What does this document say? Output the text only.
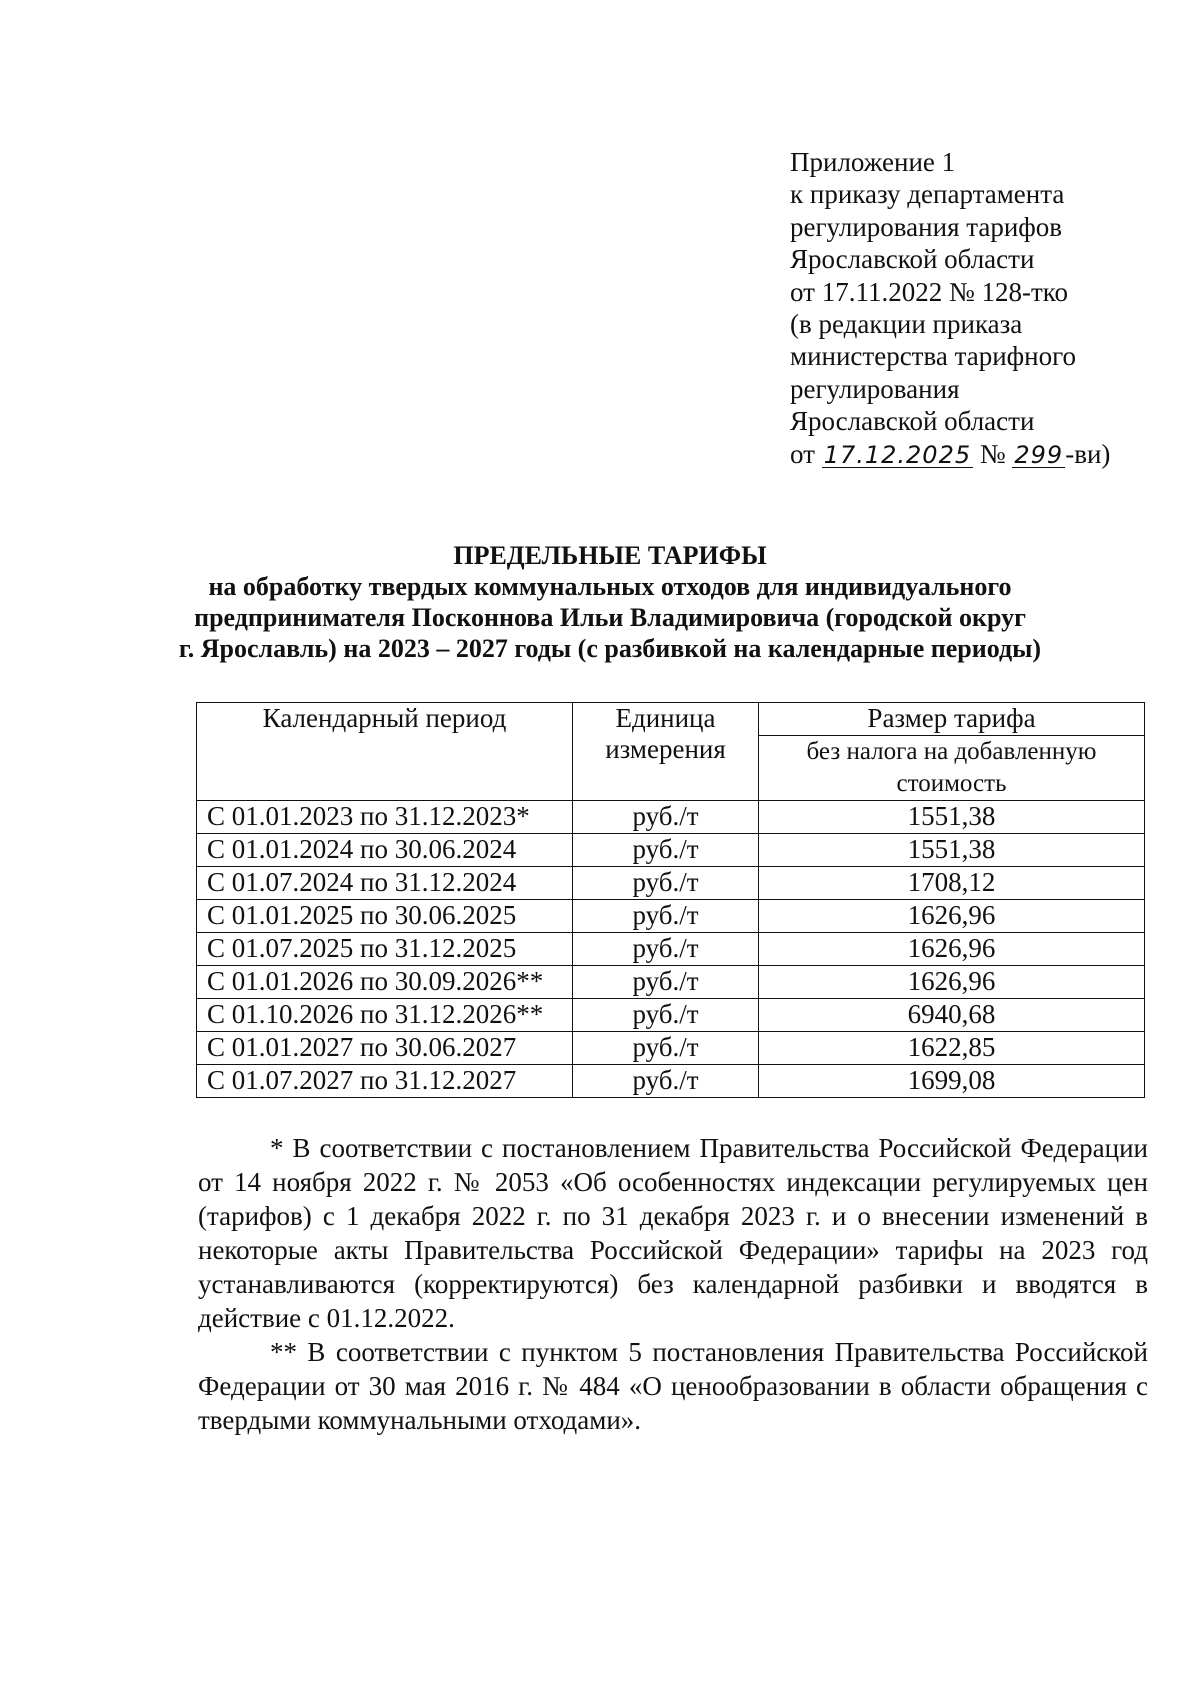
Приложение 1
к приказу департамента
регулирования тарифов
Ярославской области
от 17.11.2022 № 128-тко
(в редакции приказа
министерства тарифного
регулирования
Ярославской области
от 17.12.2025 № 299-ви)
ПРЕДЕЛЬНЫЕ ТАРИФЫ
на обработку твердых коммунальных отходов для индивидуального
предпринимателя Посконнова Ильи Владимировича (городской округ
г. Ярославль) на 2023 – 2027 годы (с разбивкой на календарные периоды)
Календарный период	Единица измерения	Размер тарифа
		без налога на добавленную стоимость
С 01.01.2023 по 31.12.2023*	руб./т	1551,38
С 01.01.2024 по 30.06.2024	руб./т	1551,38
С 01.07.2024 по 31.12.2024	руб./т	1708,12
С 01.01.2025 по 30.06.2025	руб./т	1626,96
С 01.07.2025 по 31.12.2025	руб./т	1626,96
С 01.01.2026 по 30.09.2026**	руб./т	1626,96
С 01.10.2026 по 31.12.2026**	руб./т	6940,68
С 01.01.2027 по 30.06.2027	руб./т	1622,85
С 01.07.2027 по 31.12.2027	руб./т	1699,08

* В соответствии с постановлением Правительства Российской Федерации от 14 ноября 2022 г. № 2053 «Об особенностях индексации регулируемых цен (тарифов) с 1 декабря 2022 г. по 31 декабря 2023 г. и о внесении изменений в некоторые акты Правительства Российской Федерации» тарифы на 2023 год устанавливаются (корректируются) без календарной разбивки и вводятся в действие с 01.12.2022.

** В соответствии с пунктом 5 постановления Правительства Российской Федерации от 30 мая 2016 г. № 484 «О ценообразовании в области обращения с твердыми коммунальными отходами».
